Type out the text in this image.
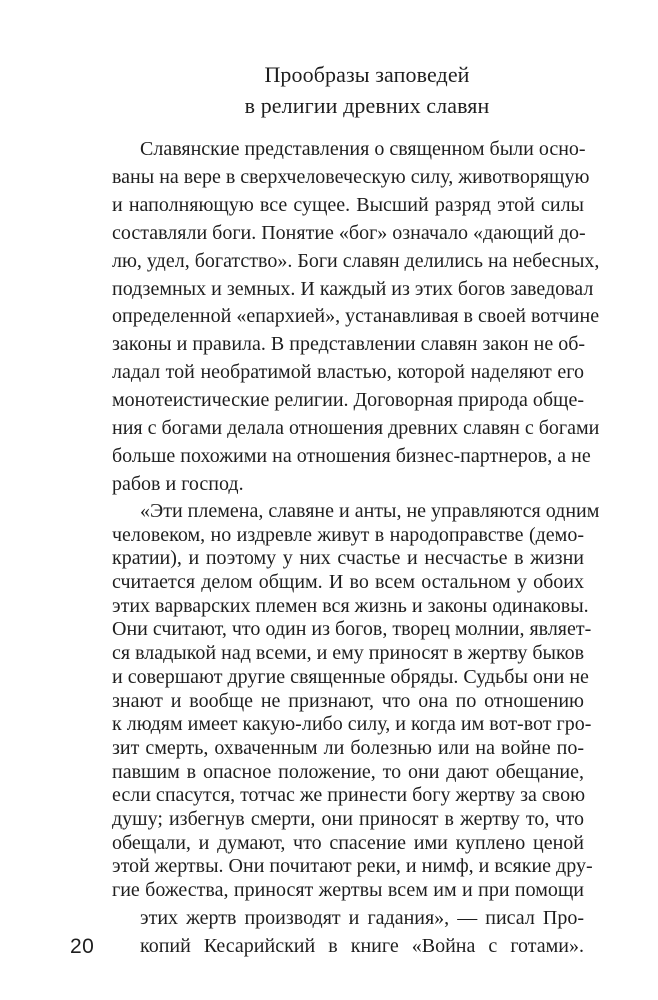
Прообразы заповедей
в религии древних славян
Славянские представления о священном были осно-
ваны на вере в сверхчеловеческую силу, животворящую
и наполняющую все сущее. Высший разряд этой силы
составляли боги. Понятие «бог» означало «дающий до-
лю, удел, богатство». Боги славян делились на небесных,
подземных и земных. И каждый из этих богов заведовал
определенной «епархией», устанавливая в своей вотчине
законы и правила. В представлении славян закон не об-
ладал той необратимой властью, которой наделяют его
монотеистические религии. Договорная природа обще-
ния с богами делала отношения древних славян с богами
больше похожими на отношения бизнес-партнеров, а не
рабов и господ.
«Эти племена, славяне и анты, не управляются одним
человеком, но издревле живут в народоправстве (демо-
кратии), и поэтому у них счастье и несчастье в жизни
считается делом общим. И во всем остальном у обоих
этих варварских племен вся жизнь и законы одинаковы.
Они считают, что один из богов, творец молнии, являет-
ся владыкой над всеми, и ему приносят в жертву быков
и совершают другие священные обряды. Судьбы они не
знают и вообще не признают, что она по отношению
к людям имеет какую-либо силу, и когда им вот-вот гро-
зит смерть, охваченным ли болезнью или на войне по-
павшим в опасное положение, то они дают обещание,
если спасутся, тотчас же принести богу жертву за свою
душу; избегнув смерти, они приносят в жертву то, что
обещали, и думают, что спасение ими куплено ценой
этой жертвы. Они почитают реки, и нимф, и всякие дру-
гие божества, приносят жертвы всем им и при помощи
этих жертв производят и гадания», — писал Про-
копий Кесарийский в книге «Война с готами».
20
